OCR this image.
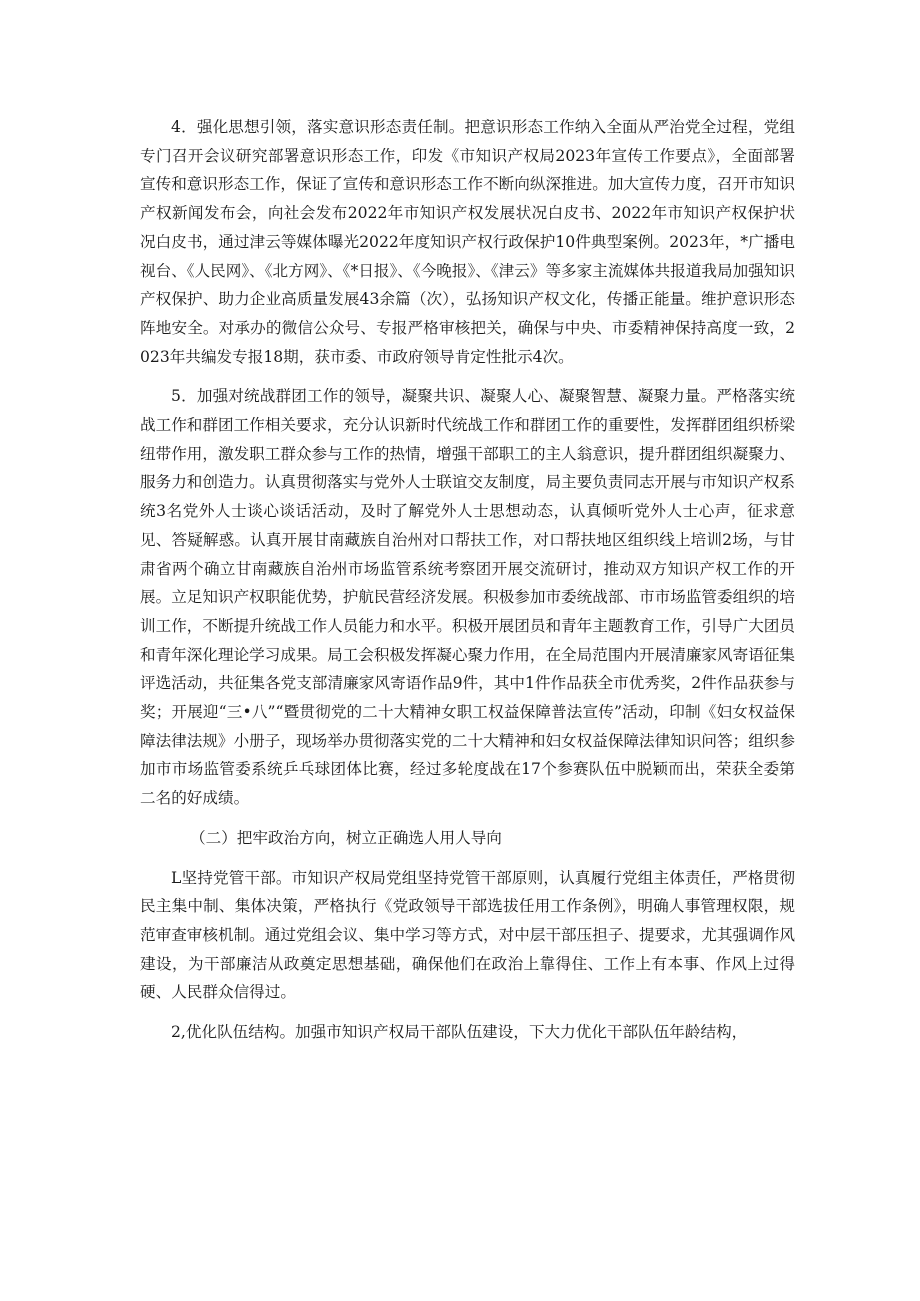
4．强化思想引领，落实意识形态责任制。把意识形态工作纳入全面从严治党全过程，党组专门召开会议研究部署意识形态工作，印发《市知识产权局2023年宣传工作要点》，全面部署宣传和意识形态工作，保证了宣传和意识形态工作不断向纵深推进。加大宣传力度，召开市知识产权新闻发布会，向社会发布2022年市知识产权发展状况白皮书、2022年市知识产权保护状况白皮书，通过津云等媒体曝光2022年度知识产权行政保护10件典型案例。2023年，*广播电视台、《人民网》、《北方网》、《*日报》、《今晚报》、《津云》等多家主流媒体共报道我局加强知识产权保护、助力企业高质量发展43余篇（次），弘扬知识产权文化，传播正能量。维护意识形态阵地安全。对承办的微信公众号、专报严格审核把关，确保与中央、市委精神保持高度一致，2023年共编发专报18期，获市委、市政府领导肯定性批示4次。

5．加强对统战群团工作的领导，凝聚共识、凝聚人心、凝聚智慧、凝聚力量。严格落实统战工作和群团工作相关要求，充分认识新时代统战工作和群团工作的重要性，发挥群团组织桥梁纽带作用，激发职工群众参与工作的热情，增强干部职工的主人翁意识，提升群团组织凝聚力、服务力和创造力。认真贯彻落实与党外人士联谊交友制度，局主要负责同志开展与市知识产权系统3名党外人士谈心谈话活动，及时了解党外人士思想动态，认真倾听党外人士心声，征求意见、答疑解惑。认真开展甘南藏族自治州对口帮扶工作，对口帮扶地区组织线上培训2场，与甘肃省两个确立甘南藏族自治州市场监管系统考察团开展交流研讨，推动双方知识产权工作的开展。立足知识产权职能优势，护航民营经济发展。积极参加市委统战部、市市场监管委组织的培训工作，不断提升统战工作人员能力和水平。积极开展团员和青年主题教育工作，引导广大团员和青年深化理论学习成果。局工会积极发挥凝心聚力作用，在全局范围内开展清廉家风寄语征集评选活动，共征集各党支部清廉家风寄语作品9件，其中1件作品获全市优秀奖，2件作品获参与奖；开展迎“三•八”“暨贯彻党的二十大精神女职工权益保障普法宣传”活动，印制《妇女权益保障法律法规》小册子，现场举办贯彻落实党的二十大精神和妇女权益保障法律知识问答；组织参加市市场监管委系统乒乓球团体比赛，经过多轮度战在17个参赛队伍中脱颖而出，荣获全委第二名的好成绩。

（二）把牢政治方向，树立正确选人用人导向

L坚持党管干部。市知识产权局党组坚持党管干部原则，认真履行党组主体责任，严格贯彻民主集中制、集体决策，严格执行《党政领导干部选拔任用工作条例》，明确人事管理权限，规范审查审核机制。通过党组会议、集中学习等方式，对中层干部压担子、提要求，尤其强调作风建设，为干部廉洁从政奠定思想基础，确保他们在政治上靠得住、工作上有本事、作风上过得硬、人民群众信得过。

2,优化队伍结构。加强市知识产权局干部队伍建设，下大力优化干部队伍年龄结构，
